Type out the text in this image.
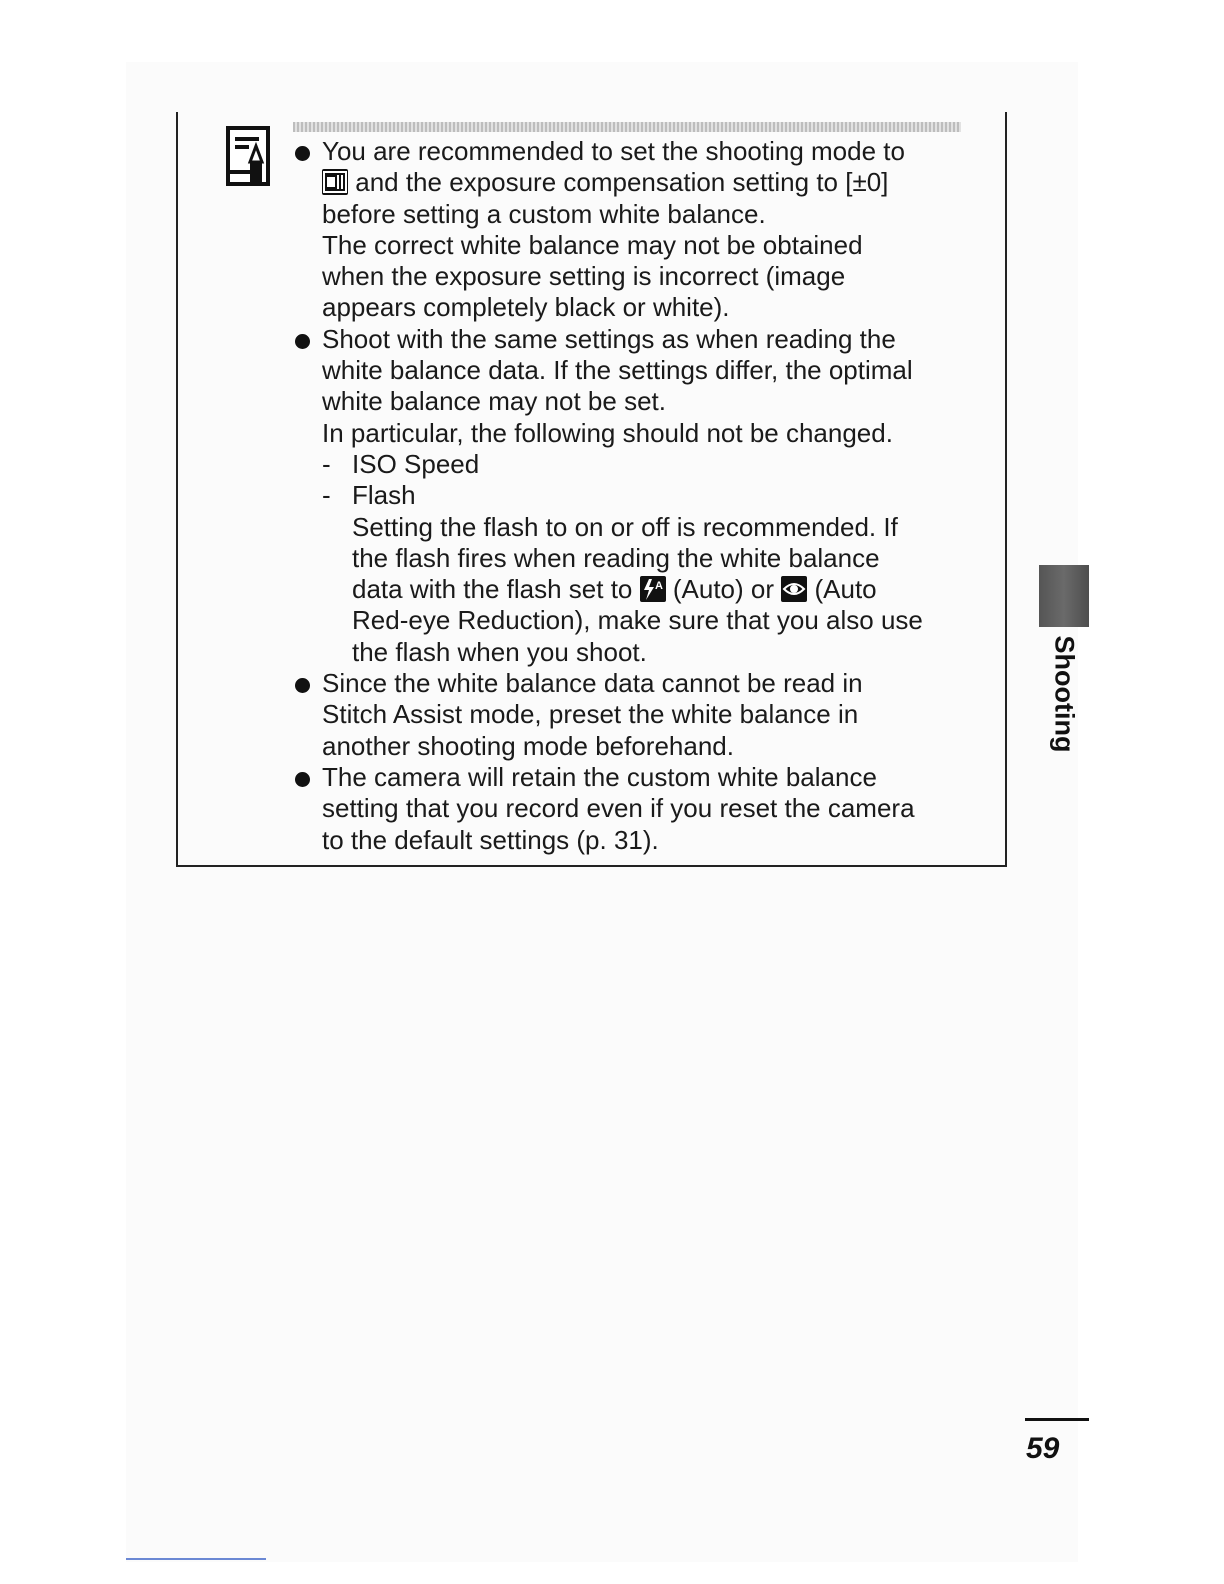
You are recommended to set the shooting mode to
and the exposure compensation setting to [±0]
before setting a custom white balance.
The correct white balance may not be obtained
when the exposure setting is incorrect (image
appears completely black or white).
Shoot with the same settings as when reading the
white balance data. If the settings differ, the optimal
white balance may not be set.
In particular, the following should not be changed.
- ISO Speed
- Flash
Setting the flash to on or off is recommended. If
the flash fires when reading the white balance
data with the flash set to A (Auto) or (Auto
Red-eye Reduction), make sure that you also use
the flash when you shoot.
Since the white balance data cannot be read in
Stitch Assist mode, preset the white balance in
another shooting mode beforehand.
The camera will retain the custom white balance
setting that you record even if you reset the camera
to the default settings (p. 31).
Shooting
59
